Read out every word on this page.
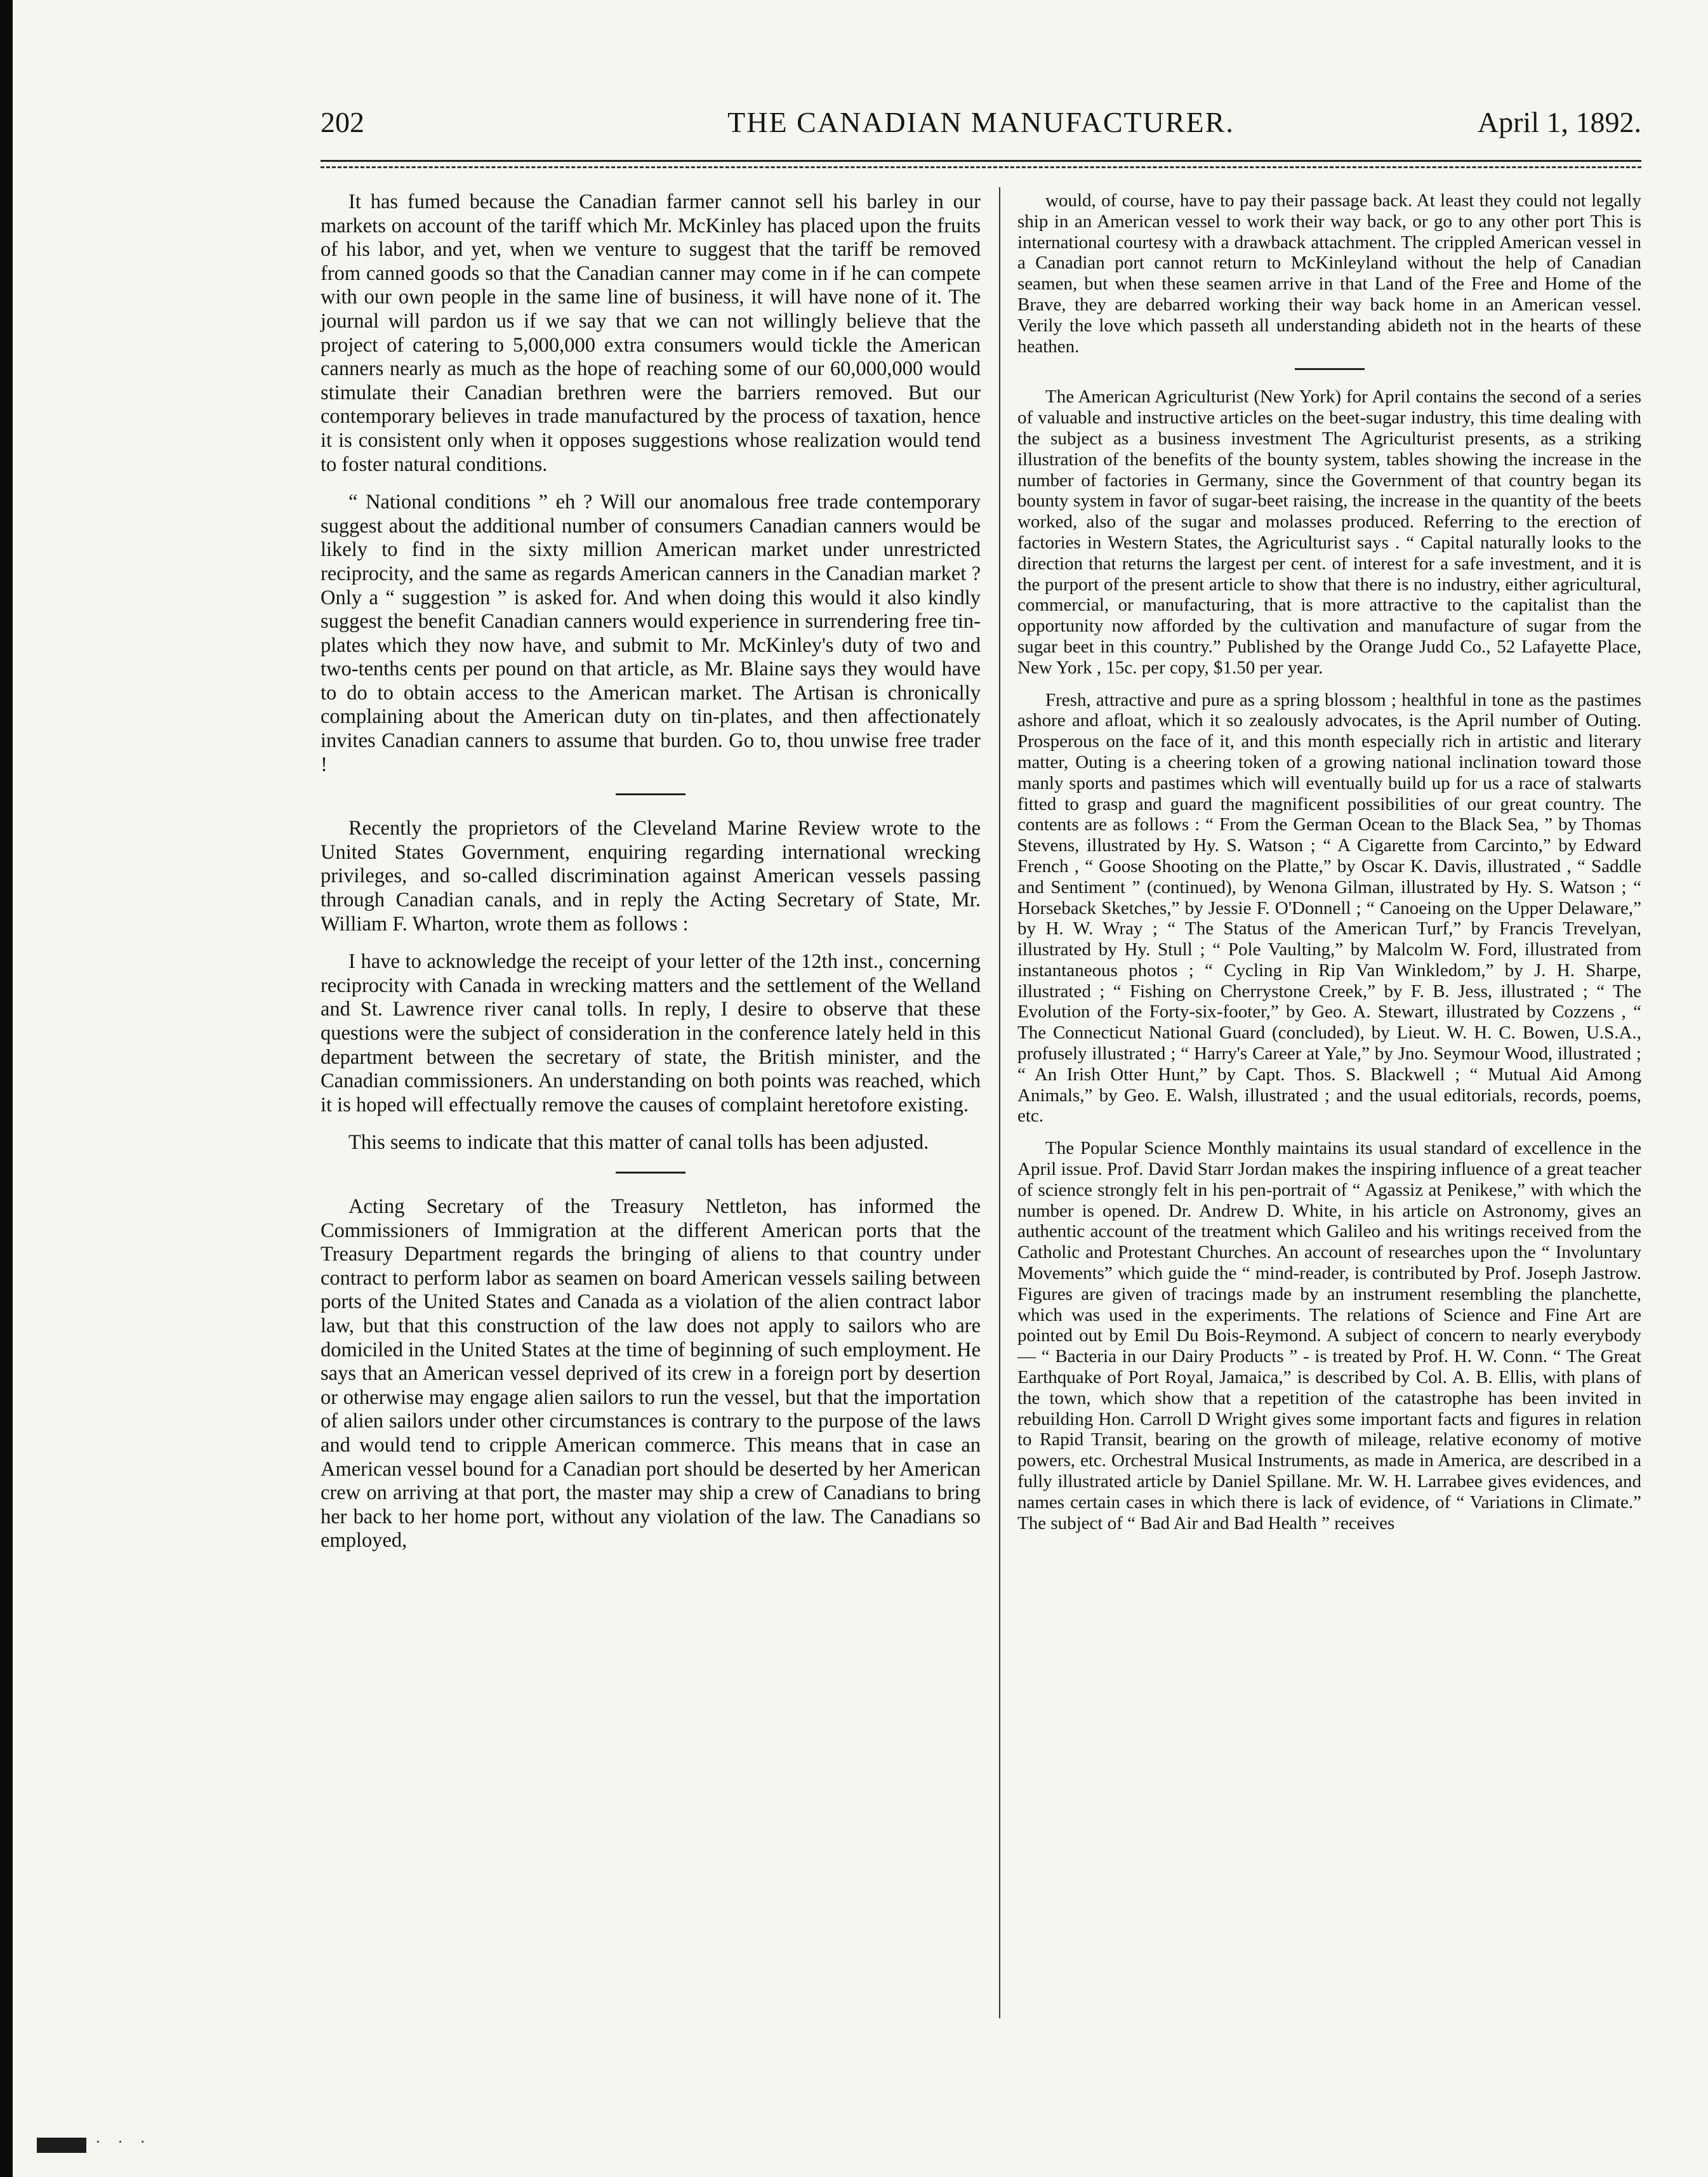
202	THE CANADIAN MANUFACTURER.	April 1, 1892.

It has fumed because the Canadian farmer cannot sell his barley in our markets on account of the tariff which Mr. McKinley has placed upon the fruits of his labor, and yet, when we venture to suggest that the tariff be removed from canned goods so that the Canadian canner may come in if he can compete with our own people in the same line of business, it will have none of it. The journal will pardon us if we say that we can not willingly believe that the project of catering to 5,000,000 extra consumers would tickle the American canners nearly as much as the hope of reaching some of our 60,000,000 would stimulate their Canadian brethren were the barriers removed. But our contemporary believes in trade manufactured by the process of taxation, hence it is consistent only when it opposes suggestions whose realization would tend to foster natural conditions.

“ National conditions ” eh ? Will our anomalous free trade contemporary suggest about the additional number of consumers Canadian canners would be likely to find in the sixty million American market under unrestricted reciprocity, and the same as regards American canners in the Canadian market ? Only a “ suggestion ” is asked for. And when doing this would it also kindly suggest the benefit Canadian canners would experience in surrendering free tin-plates which they now have, and submit to Mr. McKinley's duty of two and two-tenths cents per pound on that article, as Mr. Blaine says they would have to do to obtain access to the American market. The Artisan is chronically complaining about the American duty on tin-plates, and then affectionately invites Canadian canners to assume that burden. Go to, thou unwise free trader !

Recently the proprietors of the Cleveland Marine Review wrote to the United States Government, enquiring regarding international wrecking privileges, and so-called discrimination against American vessels passing through Canadian canals, and in reply the Acting Secretary of State, Mr. William F. Wharton, wrote them as follows :

I have to acknowledge the receipt of your letter of the 12th inst., concerning reciprocity with Canada in wrecking matters and the settlement of the Welland and St. Lawrence river canal tolls. In reply, I desire to observe that these questions were the subject of consideration in the conference lately held in this department between the secretary of state, the British minister, and the Canadian commissioners. An understanding on both points was reached, which it is hoped will effectually remove the causes of complaint heretofore existing.

This seems to indicate that this matter of canal tolls has been adjusted.

Acting Secretary of the Treasury Nettleton, has informed the Commissioners of Immigration at the different American ports that the Treasury Department regards the bringing of aliens to that country under contract to perform labor as seamen on board American vessels sailing between ports of the United States and Canada as a violation of the alien contract labor law, but that this construction of the law does not apply to sailors who are domiciled in the United States at the time of beginning of such employment. He says that an American vessel deprived of its crew in a foreign port by desertion or otherwise may engage alien sailors to run the vessel, but that the importation of alien sailors under other circumstances is contrary to the purpose of the laws and would tend to cripple American commerce. This means that in case an American vessel bound for a Canadian port should be deserted by her American crew on arriving at that port, the master may ship a crew of Canadians to bring her back to her home port, without any violation of the law. The Canadians so employed,

would, of course, have to pay their passage back. At least they could not legally ship in an American vessel to work their way back, or go to any other port This is international courtesy with a drawback attachment. The crippled American vessel in a Canadian port cannot return to McKinleyland without the help of Canadian seamen, but when these seamen arrive in that Land of the Free and Home of the Brave, they are debarred working their way back home in an American vessel. Verily the love which passeth all understanding abideth not in the hearts of these heathen.

The American Agriculturist (New York) for April contains the second of a series of valuable and instructive articles on the beet-sugar industry, this time dealing with the subject as a business investment The Agriculturist presents, as a striking illustration of the benefits of the bounty system, tables showing the increase in the number of factories in Germany, since the Government of that country began its bounty system in favor of sugar-beet raising, the increase in the quantity of the beets worked, also of the sugar and molasses produced. Referring to the erection of factories in Western States, the Agriculturist says . “ Capital naturally looks to the direction that returns the largest per cent. of interest for a safe investment, and it is the purport of the present article to show that there is no industry, either agricultural, commercial, or manufacturing, that is more attractive to the capitalist than the opportunity now afforded by the cultivation and manufacture of sugar from the sugar beet in this country.” Published by the Orange Judd Co., 52 Lafayette Place, New York , 15c. per copy, $1.50 per year.

Fresh, attractive and pure as a spring blossom ; healthful in tone as the pastimes ashore and afloat, which it so zealously advocates, is the April number of Outing. Prosperous on the face of it, and this month especially rich in artistic and literary matter, Outing is a cheering token of a growing national inclination toward those manly sports and pastimes which will eventually build up for us a race of stalwarts fitted to grasp and guard the magnificent possibilities of our great country. The contents are as follows : “ From the German Ocean to the Black Sea, ” by Thomas Stevens, illustrated by Hy. S. Watson ; “ A Cigarette from Carcinto,” by Edward French , “ Goose Shooting on the Platte,” by Oscar K. Davis, illustrated , “ Saddle and Sentiment ” (continued), by Wenona Gilman, illustrated by Hy. S. Watson ; “ Horseback Sketches,” by Jessie F. O'Donnell ; “ Canoeing on the Upper Delaware,” by H. W. Wray ; “ The Status of the American Turf,” by Francis Trevelyan, illustrated by Hy. Stull ; “ Pole Vaulting,” by Malcolm W. Ford, illustrated from instantaneous photos ; “ Cycling in Rip Van Winkledom,” by J. H. Sharpe, illustrated ; “ Fishing on Cherrystone Creek,” by F. B. Jess, illustrated ; “ The Evolution of the Forty-six-footer,” by Geo. A. Stewart, illustrated by Cozzens , “ The Connecticut National Guard (concluded), by Lieut. W. H. C. Bowen, U.S.A., profusely illustrated ; “ Harry's Career at Yale,” by Jno. Seymour Wood, illustrated ; “ An Irish Otter Hunt,” by Capt. Thos. S. Blackwell ; “ Mutual Aid Among Animals,” by Geo. E. Walsh, illustrated ; and the usual editorials, records, poems, etc.

The Popular Science Monthly maintains its usual standard of excellence in the April issue. Prof. David Starr Jordan makes the inspiring influence of a great teacher of science strongly felt in his pen-portrait of “ Agassiz at Penikese,” with which the number is opened. Dr. Andrew D. White, in his article on Astronomy, gives an authentic account of the treatment which Galileo and his writings received from the Catholic and Protestant Churches. An account of researches upon the “ Involuntary Movements” which guide the “ mind-reader, is contributed by Prof. Joseph Jastrow. Figures are given of tracings made by an instrument resembling the planchette, which was used in the experiments. The relations of Science and Fine Art are pointed out by Emil Du Bois-Reymond. A subject of concern to nearly everybody — “ Bacteria in our Dairy Products ” - is treated by Prof. H. W. Conn. “ The Great Earthquake of Port Royal, Jamaica,” is described by Col. A. B. Ellis, with plans of the town, which show that a repetition of the catastrophe has been invited in rebuilding Hon. Carroll D Wright gives some important facts and figures in relation to Rapid Transit, bearing on the growth of mileage, relative economy of motive powers, etc. Orchestral Musical Instruments, as made in America, are described in a fully illustrated article by Daniel Spillane. Mr. W. H. Larrabee gives evidences, and names certain cases in which there is lack of evidence, of “ Variations in Climate.” The subject of “ Bad Air and Bad Health ” receives

· · ·
